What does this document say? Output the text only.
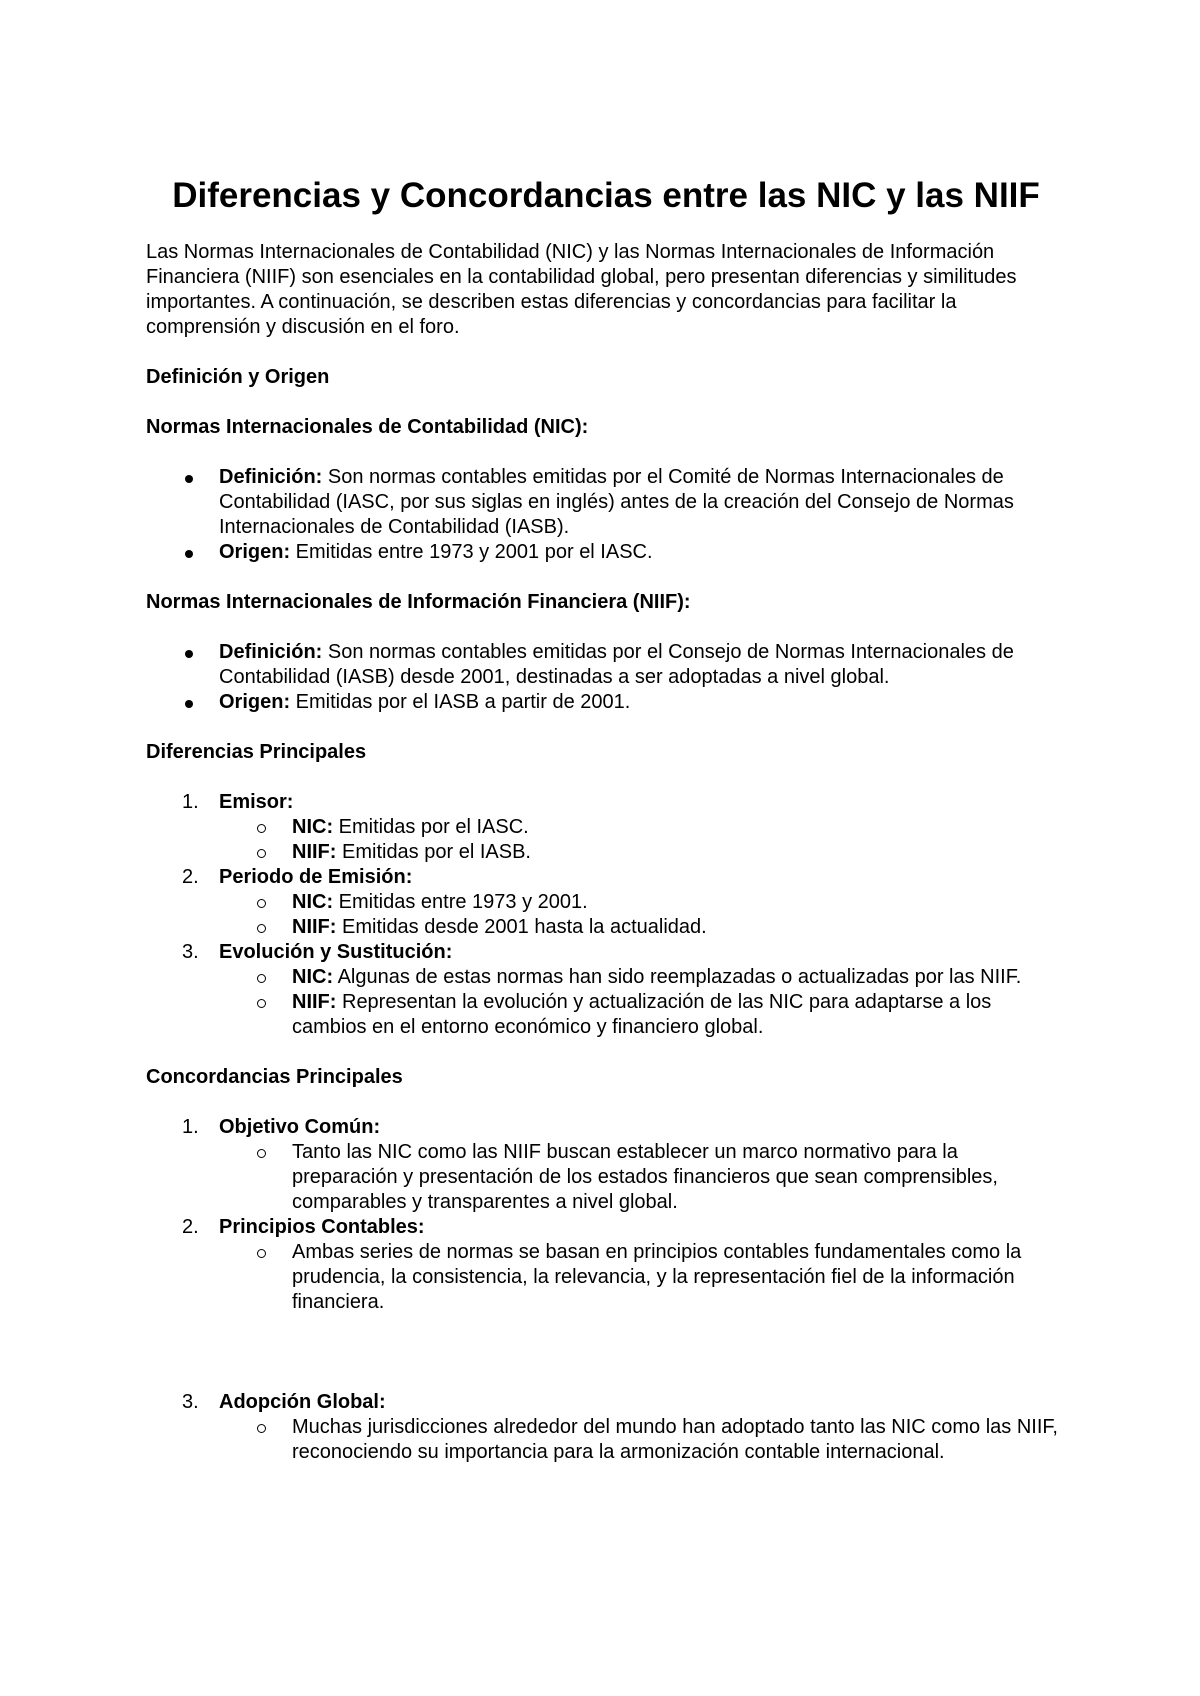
Diferencias y Concordancias entre las NIC y las NIIF

Las Normas Internacionales de Contabilidad (NIC) y las Normas Internacionales de Información Financiera (NIIF) son esenciales en la contabilidad global, pero presentan diferencias y similitudes importantes. A continuación, se describen estas diferencias y concordancias para facilitar la comprensión y discusión en el foro.

Definición y Origen

Normas Internacionales de Contabilidad (NIC):

Definición: Son normas contables emitidas por el Comité de Normas Internacionales de Contabilidad (IASC, por sus siglas en inglés) antes de la creación del Consejo de Normas Internacionales de Contabilidad (IASB).
Origen: Emitidas entre 1973 y 2001 por el IASC.

Normas Internacionales de Información Financiera (NIIF):

Definición: Son normas contables emitidas por el Consejo de Normas Internacionales de Contabilidad (IASB) desde 2001, destinadas a ser adoptadas a nivel global.
Origen: Emitidas por el IASB a partir de 2001.

Diferencias Principales

1.	Emisor:
NIC: Emitidas por el IASC.
NIIF: Emitidas por el IASB.
2.	Periodo de Emisión:
NIC: Emitidas entre 1973 y 2001.
NIIF: Emitidas desde 2001 hasta la actualidad.
3.	Evolución y Sustitución:
NIC: Algunas de estas normas han sido reemplazadas o actualizadas por las NIIF.
NIIF: Representan la evolución y actualización de las NIC para adaptarse a los cambios en el entorno económico y financiero global.

Concordancias Principales

1.	Objetivo Común:
Tanto las NIC como las NIIF buscan establecer un marco normativo para la preparación y presentación de los estados financieros que sean comprensibles, comparables y transparentes a nivel global.
2.	Principios Contables:
Ambas series de normas se basan en principios contables fundamentales como la prudencia, la consistencia, la relevancia, y la representación fiel de la información financiera.
3.	Adopción Global:
Muchas jurisdicciones alrededor del mundo han adoptado tanto las NIC como las NIIF, reconociendo su importancia para la armonización contable internacional.
